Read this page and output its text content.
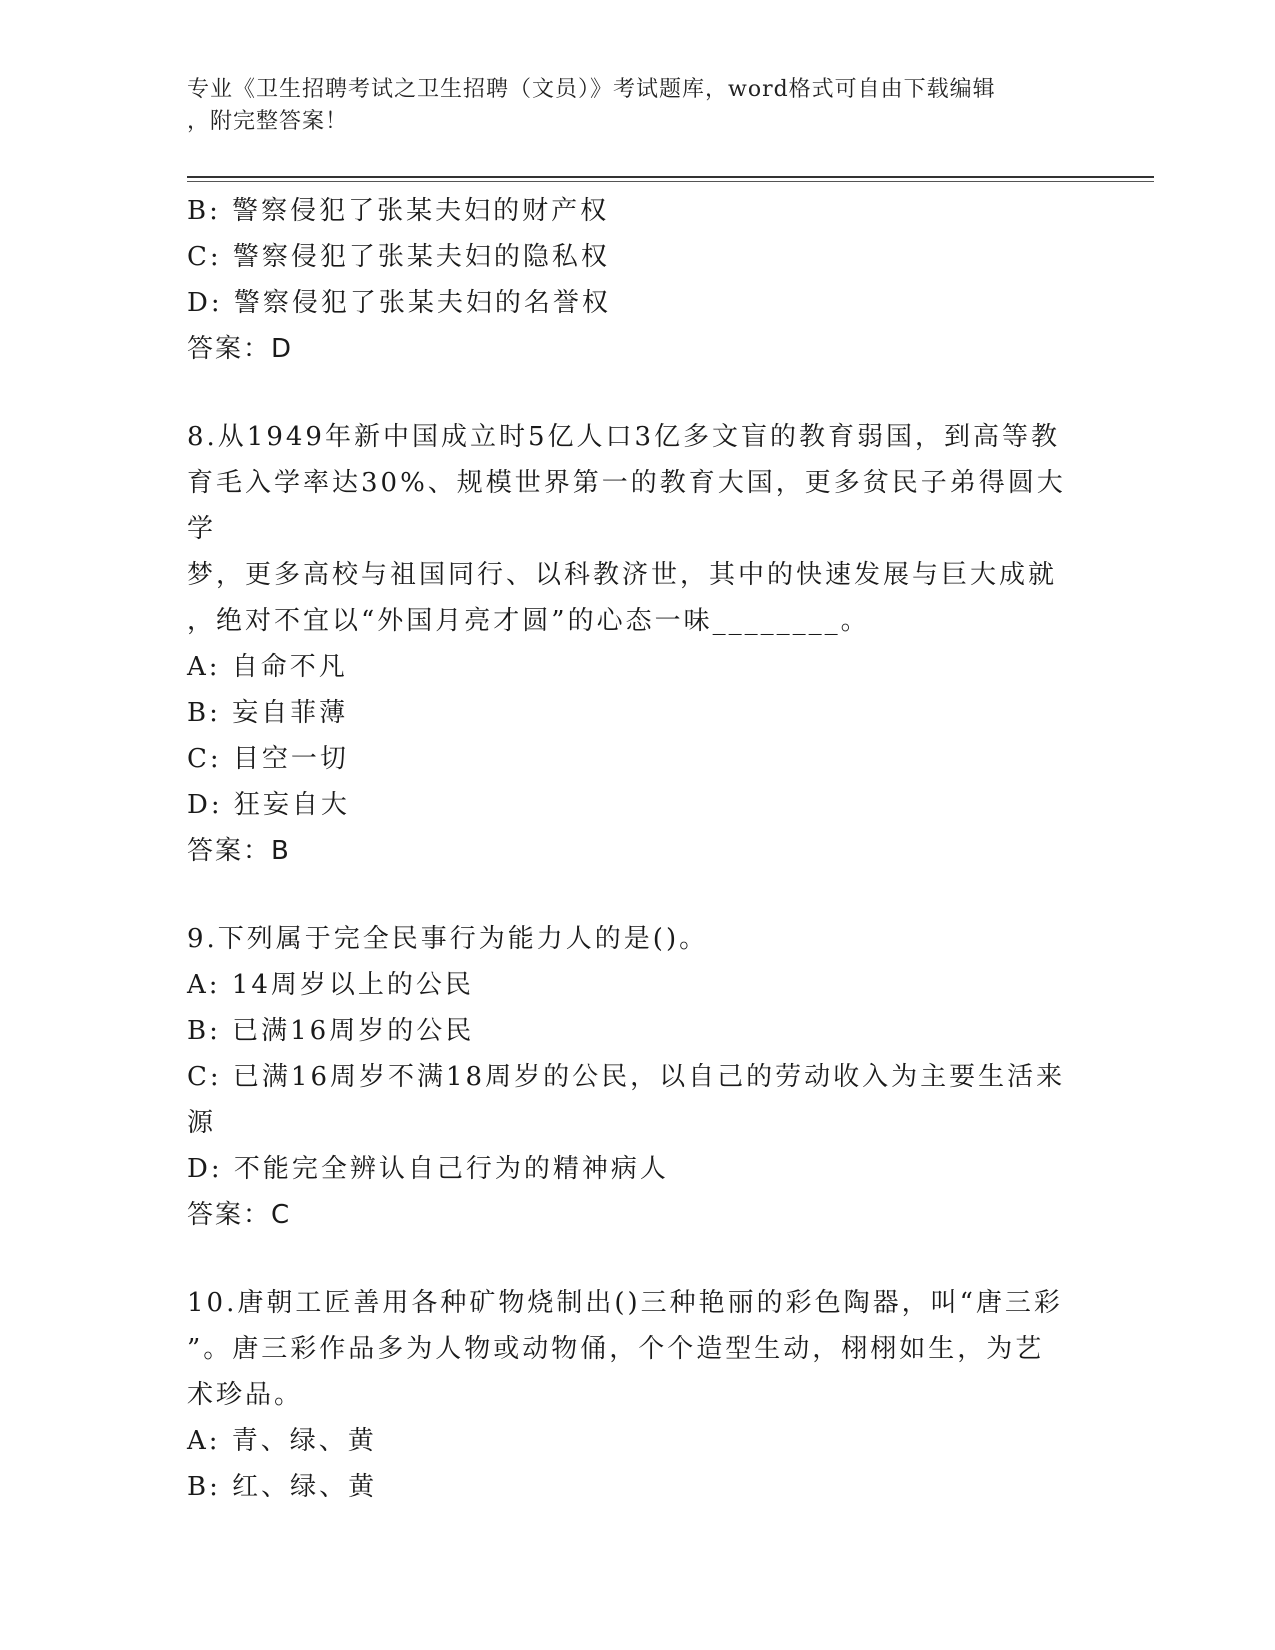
专业《卫生招聘考试之卫生招聘（文员）》考试题库，word格式可自由下载编辑
，附完整答案！
B: 警察侵犯了张某夫妇的财产权
C: 警察侵犯了张某夫妇的隐私权
D: 警察侵犯了张某夫妇的名誉权
答案：D
8.从1949年新中国成立时5亿人口3亿多文盲的教育弱国，到高等教
育毛入学率达30%、规模世界第一的教育大国，更多贫民子弟得圆大学
梦，更多高校与祖国同行、以科教济世，其中的快速发展与巨大成就
，绝对不宜以“外国月亮才圆”的心态一味________。
A: 自命不凡
B: 妄自菲薄
C: 目空一切
D: 狂妄自大
答案：B
9.下列属于完全民事行为能力人的是()。
A: 14周岁以上的公民
B: 已满16周岁的公民
C: 已满16周岁不满18周岁的公民，以自己的劳动收入为主要生活来
源
D: 不能完全辨认自己行为的精神病人
答案：C
10.唐朝工匠善用各种矿物烧制出()三种艳丽的彩色陶器，叫“唐三彩
”。唐三彩作品多为人物或动物俑，个个造型生动，栩栩如生，为艺
术珍品。
A: 青、绿、黄
B: 红、绿、黄
